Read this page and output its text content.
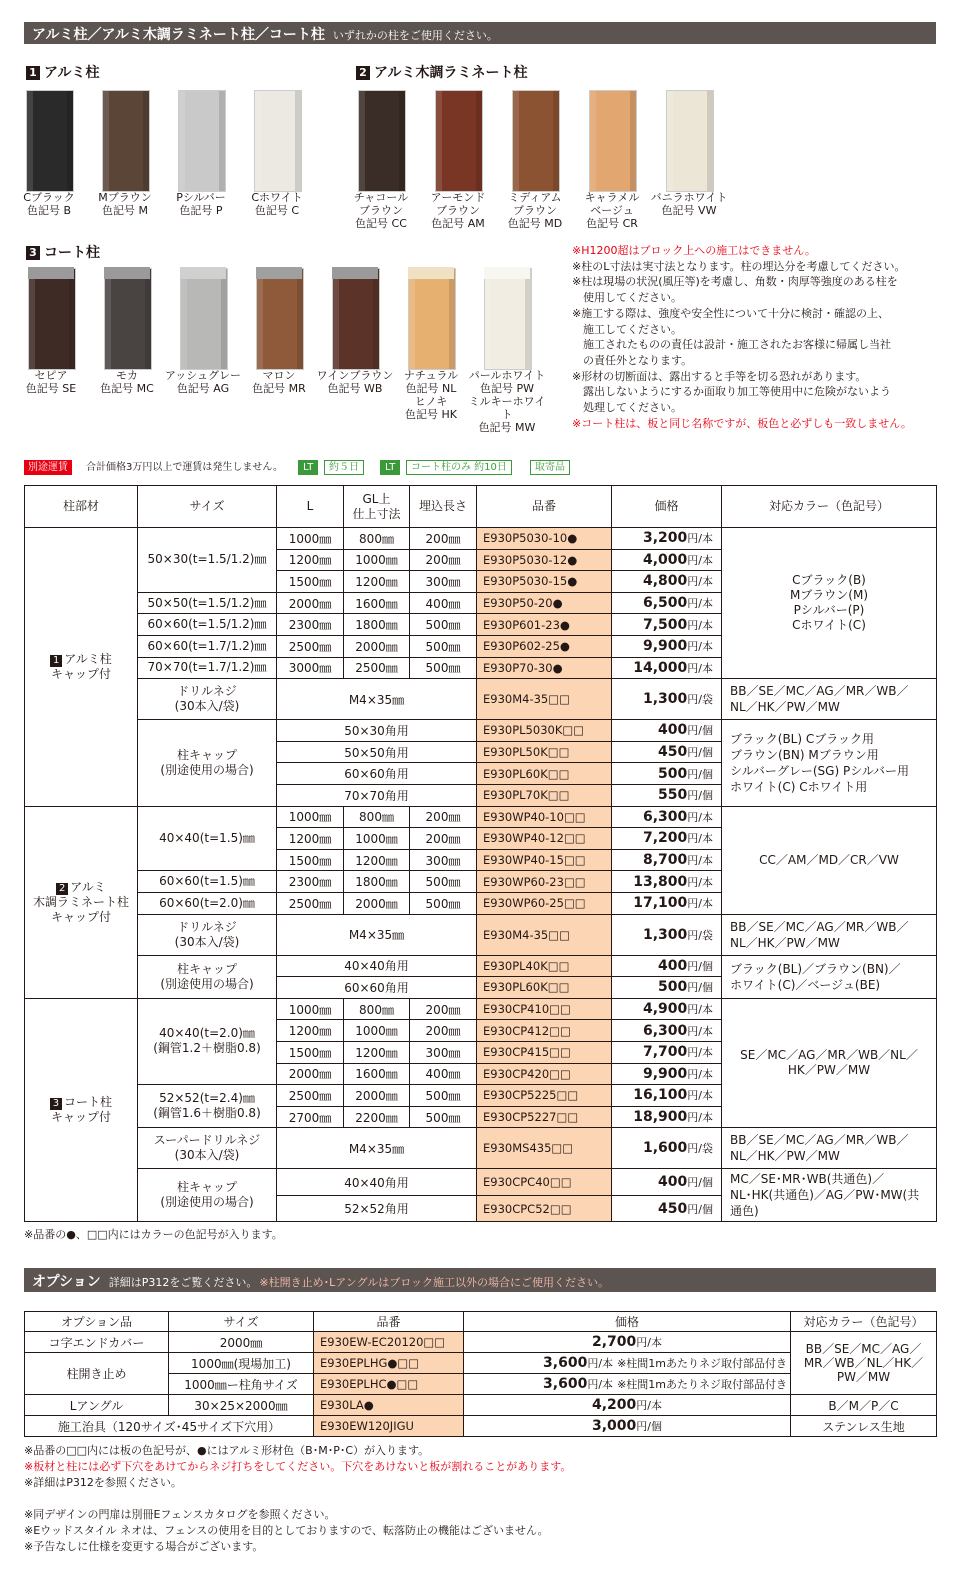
アルミ柱／アルミ木調ラミネート柱／コート柱 いずれかの柱をご使用ください。
1 アルミ柱	2 アルミ木調ラミネート柱
3 コート柱
Cブラック
色記号 B
Mブラウン
色記号 M
Pシルバー
色記号 P
Cホワイト
色記号 C
チャコール
ブラウン
色記号 CC
アーモンド
ブラウン
色記号 AM
ミディアム
ブラウン
色記号 MD
キャラメル
ベージュ
色記号 CR
バニラホワイト
色記号 VW
セピア
色記号 SE
モカ
色記号 MC
アッシュグレー
色記号 AG
マロン
色記号 MR
ワインブラウン
色記号 WB
ナチュラル
色記号 NL
ヒノキ
色記号 HK
パールホワイト
色記号 PW
ミルキーホワイト
色記号 MW
※H1200超はブロック上への施工はできません。
※柱のL寸法は実寸法となります。柱の埋込分を考慮してください。
※柱は現場の状況(風圧等)を考慮し、角数・肉厚等強度のある柱を
　使用してください。
※施工する際は、強度や安全性について十分に検討・確認の上、
　施工してください。
　施工されたものの責任は設計・施工されたお客様に帰属し当社
　の責任外となります。
※形材の切断面は、露出すると手等を切る恐れがあります。
　露出しないようにするか面取り加工等使用中に危険がないよう
　処理してください。
※コート柱は、板と同じ名称ですが、板色と必ずしも一致しません。
別途運賃	合計価格3万円以上で運賃は発生しません。	LT	約５日	LT	コート柱のみ 約10日	取寄品
柱部材	サイズ	L	GL上
仕上寸法	埋込長さ	品番	価格	対応カラー（色記号）
1 アルミ柱
キャップ付	50×30(t=1.5/1.2)㎜	1000㎜	800㎜	200㎜	E930P5030-10●	3,200円/本	Cブラック(B)
Mブラウン(M)
Pシルバー(P)
Cホワイト(C)
		1200㎜	1000㎜	200㎜	E930P5030-12●	4,000円/本	
		1500㎜	1200㎜	300㎜	E930P5030-15●	4,800円/本	
	50×50(t=1.5/1.2)㎜	2000㎜	1600㎜	400㎜	E930P50-20●	6,500円/本	
	60×60(t=1.5/1.2)㎜	2300㎜	1800㎜	500㎜	E930P601-23●	7,500円/本	
	60×60(t=1.7/1.2)㎜	2500㎜	2000㎜	500㎜	E930P602-25●	9,900円/本	
	70×70(t=1.7/1.2)㎜	3000㎜	2500㎜	500㎜	E930P70-30●	14,000円/本	
	ドリルネジ
(30本入/袋)	M4×35㎜			E930M4-35□□	1,300円/袋	BB／SE／MC／AG／MR／WB／
NL／HK／PW／MW
	柱キャップ
(別途使用の場合)	50×30角用			E930PL5030K□□	400円/個	ブラック(BL) Cブラック用
ブラウン(BN) Mブラウン用
シルバーグレー(SG) Pシルバー用
ホワイト(C) Cホワイト用
		50×50角用			E930PL50K□□	450円/個	
		60×60角用			E930PL60K□□	500円/個	
		70×70角用			E930PL70K□□	550円/個	
2 アルミ
木調ラミネート柱
キャップ付	40×40(t=1.5)㎜	1000㎜	800㎜	200㎜	E930WP40-10□□	6,300円/本	CC／AM／MD／CR／VW
		1200㎜	1000㎜	200㎜	E930WP40-12□□	7,200円/本	
		1500㎜	1200㎜	300㎜	E930WP40-15□□	8,700円/本	
	60×60(t=1.5)㎜	2300㎜	1800㎜	500㎜	E930WP60-23□□	13,800円/本	
	60×60(t=2.0)㎜	2500㎜	2000㎜	500㎜	E930WP60-25□□	17,100円/本	
	ドリルネジ
(30本入/袋)	M4×35㎜			E930M4-35□□	1,300円/袋	BB／SE／MC／AG／MR／WB／
NL／HK／PW／MW
	柱キャップ
(別途使用の場合)	40×40角用			E930PL40K□□	400円/個	ブラック(BL)／ブラウン(BN)／
ホワイト(C)／ベージュ(BE)
		60×60角用			E930PL60K□□	500円/個	
3 コート柱
キャップ付	40×40(t=2.0)㎜
(鋼管1.2＋樹脂0.8)	1000㎜	800㎜	200㎜	E930CP410□□	4,900円/本	SE／MC／AG／MR／WB／NL／
HK／PW／MW
		1200㎜	1000㎜	200㎜	E930CP412□□	6,300円/本	
		1500㎜	1200㎜	300㎜	E930CP415□□	7,700円/本	
		2000㎜	1600㎜	400㎜	E930CP420□□	9,900円/本	
	52×52(t=2.4)㎜
(鋼管1.6＋樹脂0.8)	2500㎜	2000㎜	500㎜	E930CP5225□□	16,100円/本	
		2700㎜	2200㎜	500㎜	E930CP5227□□	18,900円/本	
	スーパードリルネジ
(30本入/袋)	M4×35㎜			E930MS435□□	1,600円/袋	BB／SE／MC／AG／MR／WB／
NL／HK／PW／MW
	柱キャップ
(別途使用の場合)	40×40角用			E930CPC40□□	400円/個	MC／SE･MR･WB(共通色)／
NL･HK(共通色)／AG／PW･MW(共通色)
		52×52角用			E930CPC52□□	450円/個	
※品番の●、□□内にはカラーの色記号が入ります。
オプション 詳細はP312をご覧ください。 ※柱開き止め･Lアングルはブロック施工以外の場合にご使用ください。
オプション品	サイズ	品番	価格	対応カラー（色記号）
コ字エンドカバー	2000㎜	E930EW-EC20120□□	2,700円/本	BB／SE／MC／AG／
MR／WB／NL／HK／
PW／MW
柱開き止め	1000㎜(現場加工)	E930EPLHG●□□	3,600円/本 ※柱間1mあたりネジ取付部品付き	
	1000㎜ー柱角サイズ	E930EPLHC●□□	3,600円/本 ※柱間1mあたりネジ取付部品付き	
Lアングル	30×25×2000㎜	E930LA●	4,200円/本	B／M／P／C
施工治具（120サイズ･45サイズ下穴用）		E930EW120JIGU	3,000円/個	ステンレス生地
※品番の□□内には板の色記号が、●にはアルミ形材色（B･M･P･C）が入ります。
※板材と柱には必ず下穴をあけてからネジ打ちをしてください。下穴をあけないと板が割れることがあります。
※詳細はP312を参照ください。
※同デザインの門扉は別冊Eフェンスカタログを参照ください。
※Eウッドスタイル ネオは、フェンスの使用を目的としておりますので、転落防止の機能はございません。
※予告なしに仕様を変更する場合がございます。
